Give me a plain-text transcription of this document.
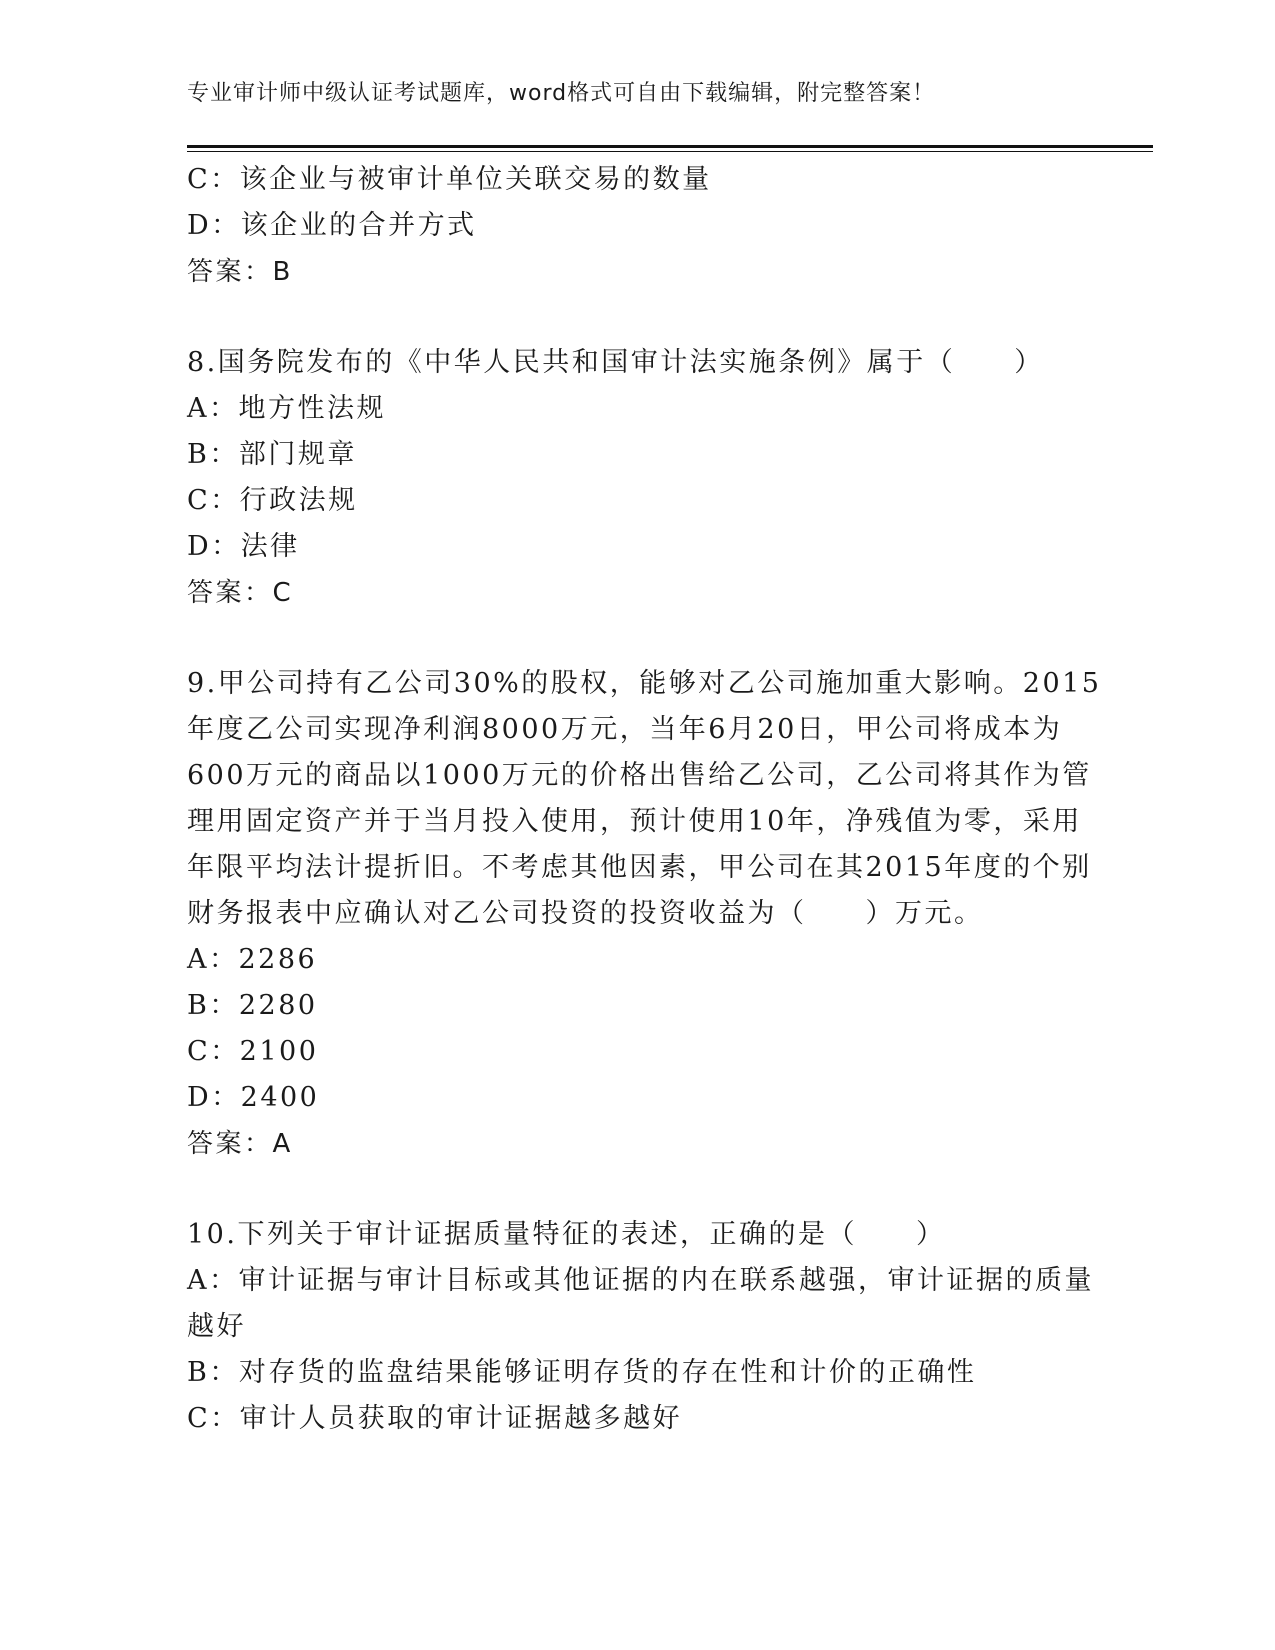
专业审计师中级认证考试题库，word格式可自由下载编辑，附完整答案！
C：该企业与被审计单位关联交易的数量
D：该企业的合并方式
答案：B
8.国务院发布的《中华人民共和国审计法实施条例》属于（　　）
A：地方性法规
B：部门规章
C：行政法规
D：法律
答案：C
9.甲公司持有乙公司30%的股权，能够对乙公司施加重大影响。2015
年度乙公司实现净利润8000万元，当年6月20日，甲公司将成本为
600万元的商品以1000万元的价格出售给乙公司，乙公司将其作为管
理用固定资产并于当月投入使用，预计使用10年，净残值为零，采用
年限平均法计提折旧。不考虑其他因素，甲公司在其2015年度的个别
财务报表中应确认对乙公司投资的投资收益为（　　）万元。
A：2286
B：2280
C：2100
D：2400
答案：A
10.下列关于审计证据质量特征的表述，正确的是（　　）
A：审计证据与审计目标或其他证据的内在联系越强，审计证据的质量
越好
B：对存货的监盘结果能够证明存货的存在性和计价的正确性
C：审计人员获取的审计证据越多越好
